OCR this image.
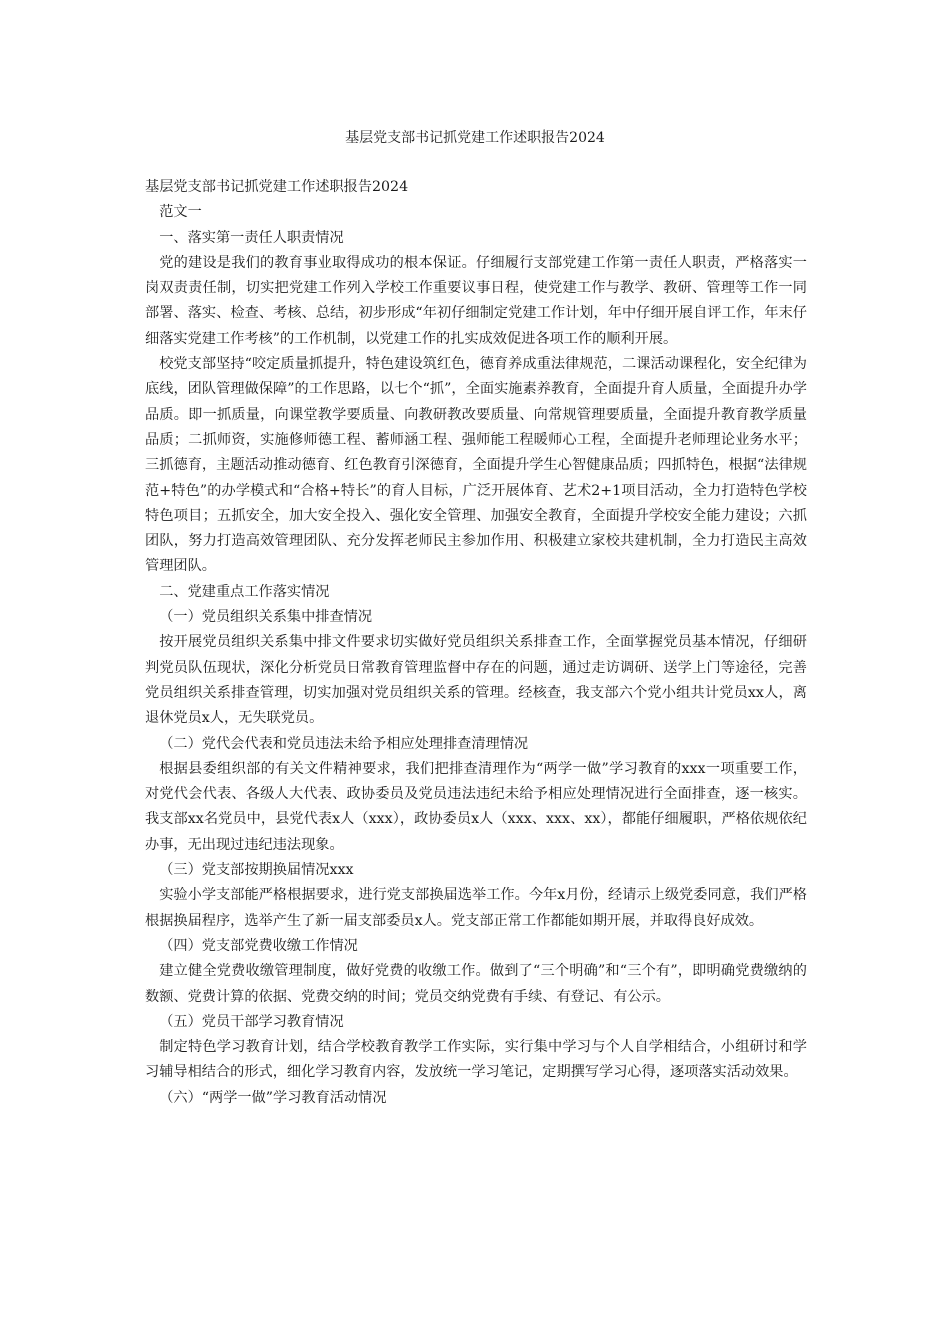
基层党支部书记抓党建工作述职报告2024

基层党支部书记抓党建工作述职报告2024

范文一

一、落实第一责任人职责情况

党的建设是我们的教育事业取得成功的根本保证。仔细履行支部党建工作第一责任人职责，严格落实一岗双责责任制，切实把党建工作列入学校工作重要议事日程，使党建工作与教学、教研、管理等工作一同部署、落实、检查、考核、总结，初步形成“年初仔细制定党建工作计划，年中仔细开展自评工作，年末仔细落实党建工作考核”的工作机制，以党建工作的扎实成效促进各项工作的顺利开展。

校党支部坚持“咬定质量抓提升，特色建设筑红色，德育养成重法律规范，二课活动课程化，安全纪律为底线，团队管理做保障”的工作思路，以七个“抓”，全面实施素养教育，全面提升育人质量，全面提升办学品质。即一抓质量，向课堂教学要质量、向教研教改要质量、向常规管理要质量，全面提升教育教学质量品质；二抓师资，实施修师德工程、蓄师涵工程、强师能工程暖师心工程，全面提升老师理论业务水平；三抓德育，主题活动推动德育、红色教育引深德育，全面提升学生心智健康品质；四抓特色，根据“法律规范+特色”的办学模式和“合格+特长”的育人目标，广泛开展体育、艺术2+1项目活动，全力打造特色学校特色项目；五抓安全，加大安全投入、强化安全管理、加强安全教育，全面提升学校安全能力建设；六抓团队，努力打造高效管理团队、充分发挥老师民主参加作用、积极建立家校共建机制，全力打造民主高效管理团队。

二、党建重点工作落实情况

（一）党员组织关系集中排查情况

按开展党员组织关系集中排文件要求切实做好党员组织关系排查工作，全面掌握党员基本情况，仔细研判党员队伍现状，深化分析党员日常教育管理监督中存在的问题，通过走访调研、送学上门等途径，完善党员组织关系排查管理，切实加强对党员组织关系的管理。经核查，我支部六个党小组共计党员xx人，离退休党员x人，无失联党员。

（二）党代会代表和党员违法未给予相应处理排查清理情况

根据县委组织部的有关文件精神要求，我们把排查清理作为“两学一做”学习教育的xxx一项重要工作，对党代会代表、各级人大代表、政协委员及党员违法违纪未给予相应处理情况进行全面排查，逐一核实。我支部xx名党员中，县党代表x人（xxx），政协委员x人（xxx、xxx、xx），都能仔细履职，严格依规依纪办事，无出现过违纪违法现象。

（三）党支部按期换届情况xxx

实验小学支部能严格根据要求，进行党支部换届选举工作。今年x月份，经请示上级党委同意，我们严格根据换届程序，选举产生了新一届支部委员x人。党支部正常工作都能如期开展，并取得良好成效。

（四）党支部党费收缴工作情况

建立健全党费收缴管理制度，做好党费的收缴工作。做到了“三个明确”和“三个有”，即明确党费缴纳的数额、党费计算的依据、党费交纳的时间；党员交纳党费有手续、有登记、有公示。

（五）党员干部学习教育情况

制定特色学习教育计划，结合学校教育教学工作实际，实行集中学习与个人自学相结合，小组研讨和学习辅导相结合的形式，细化学习教育内容，发放统一学习笔记，定期撰写学习心得，逐项落实活动效果。

（六）“两学一做”学习教育活动情况
